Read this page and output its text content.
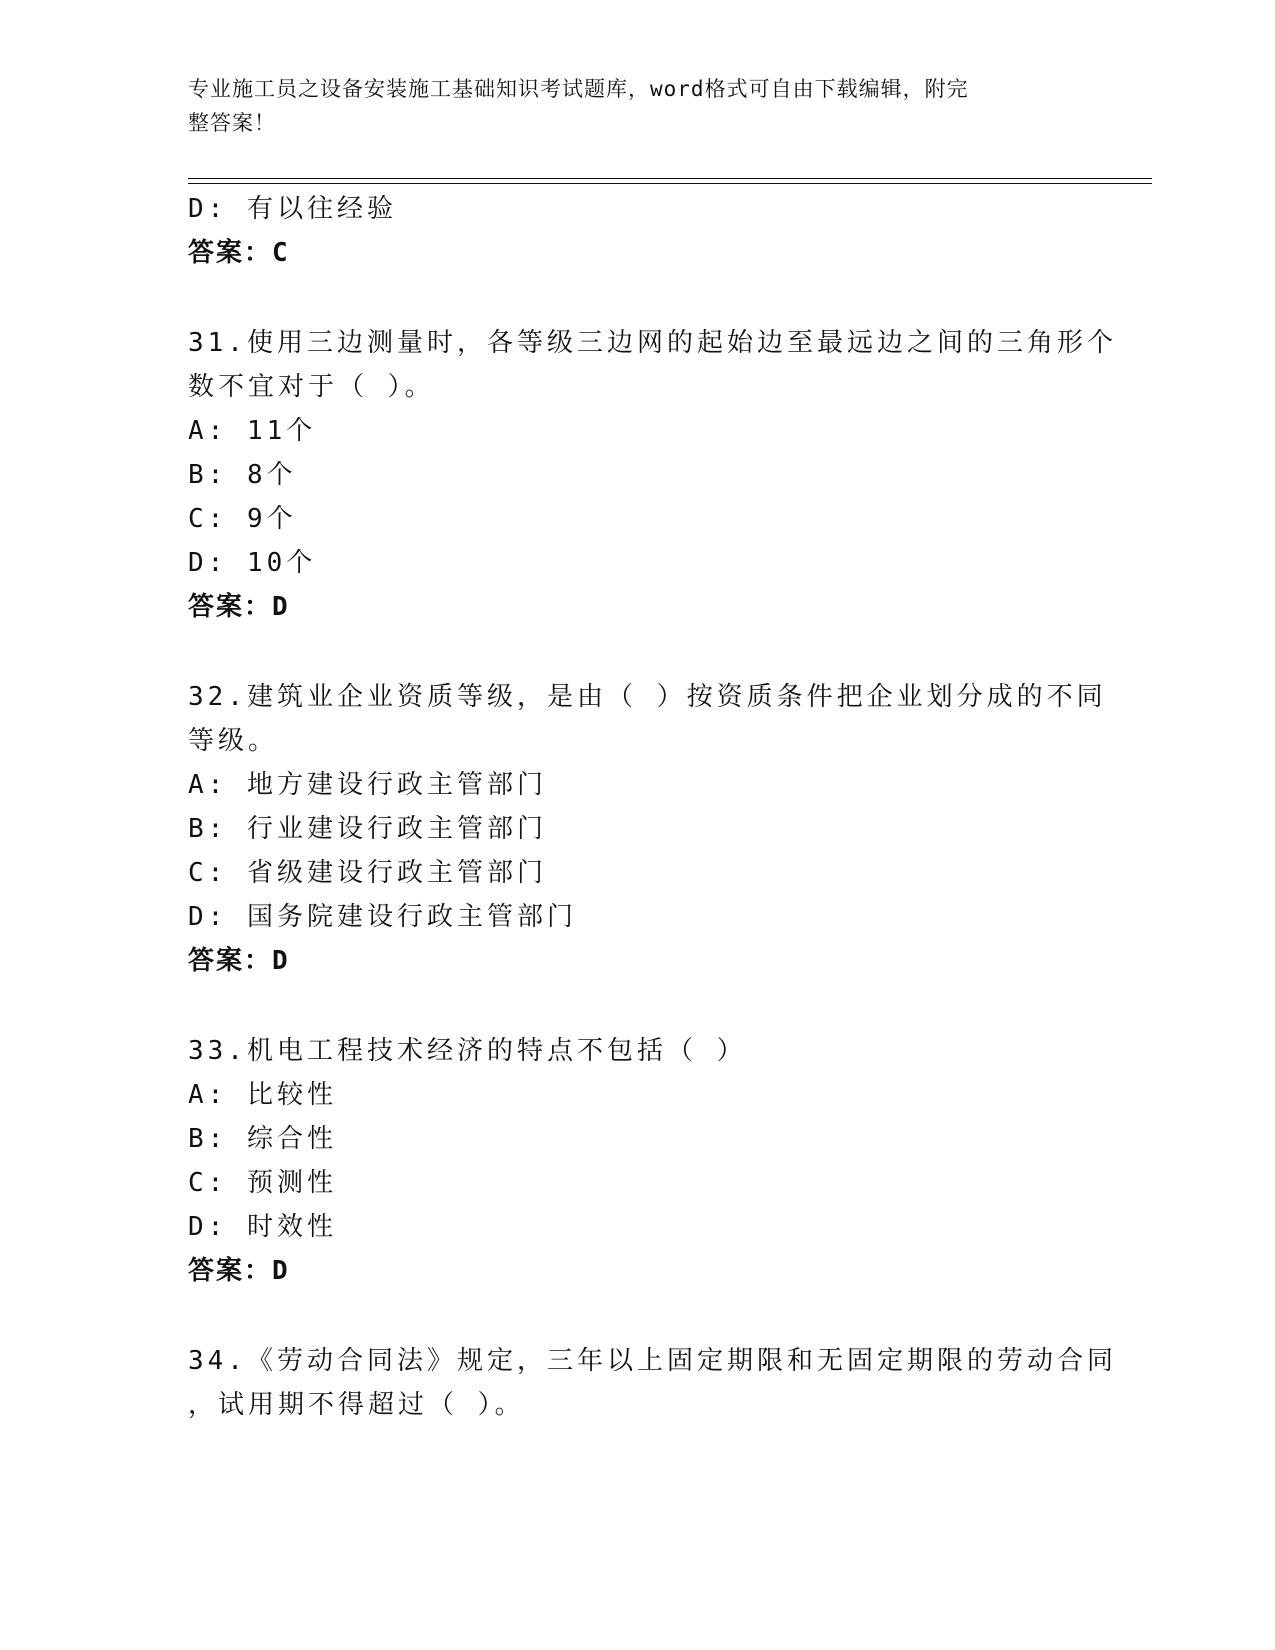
专业施工员之设备安装施工基础知识考试题库，word格式可自由下载编辑，附完
整答案！
D: 有以往经验
答案：C
31.使用三边测量时，各等级三边网的起始边至最远边之间的三角形个
数不宜对于（ ）。
A: 11个
B: 8个
C: 9个
D: 10个
答案：D
32.建筑业企业资质等级，是由（ ）按资质条件把企业划分成的不同
等级。
A: 地方建设行政主管部门
B: 行业建设行政主管部门
C: 省级建设行政主管部门
D: 国务院建设行政主管部门
答案：D
33.机电工程技术经济的特点不包括（ ）
A: 比较性
B: 综合性
C: 预测性
D: 时效性
答案：D
34.《劳动合同法》规定，三年以上固定期限和无固定期限的劳动合同
，试用期不得超过（ ）。
